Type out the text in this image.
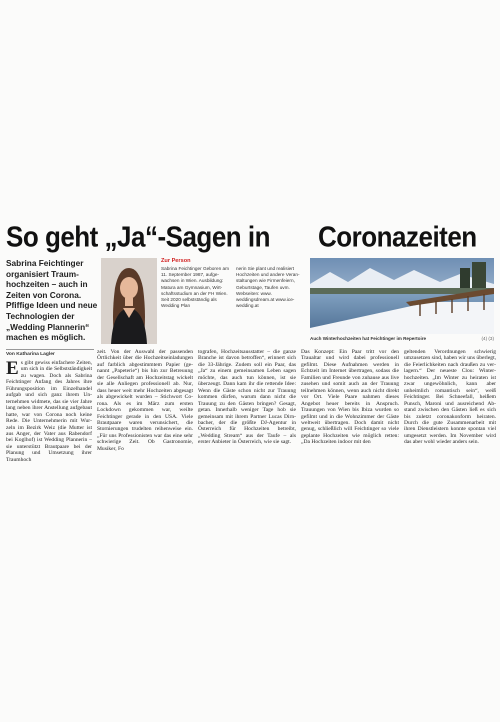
So geht „Ja“-Sagen in Coronazeiten
Sabrina Feichtinger organisiert Traumhochzeiten – auch in Zeiten von Corona. Pfiffige Ideen und neue Technologien der „Wedding Plannerin“ machen es möglich.
Zur Person
Sabrina Feichtinger Geboren am 11. September 1987, aufgewachsen in Wien. Ausbildung: Matura am Gymnasium, Wirtschaftsstudium an der FH Wien. Seit 2020 selbstständig als Wedding Plan
nerin Sie plant und realisiert Hochzeiten und andere Veranstaltungen wie Firmenfeiern, Geburtstage, Taufen uvm. Webseiten: www. weddingsdream.at www.ice-wedding.at
Auch Winterhochzeiten hat Feichtinger im Repertoire	(4) (3)
Von Katharina Lagler
E s gibt gewiss einfachere Zeiten, um sich in die Selbstständigkeit zu wagen. Doch als Sabrina Feichtinger Anfang des Jahres ihre Führungsposition im Einzelhandel aufgab und sich ganz ihrem Unternehmen widmete, das sie vier Jahre lang neben ihrer Anstellung aufgebaut hatte, war von Corona noch keine Rede. Die Unternehmerin mit Wurzeln im Bezirk Weiz (die Mutter ist aus Anger, der Vater aus Rabendorf bei Koglhof) ist Wedding Plannerin – sie unterstützt Brautpaare bei der Planung und Umsetzung ihrer Traumhoch
zeit. Von der Auswahl der passenden Örtlichkeit über die Hochzeitseinladungen auf farblich abgestimmtem Papier (genannt „Papeterie“) bis hin zur Betreuung der Gesellschaft am Hochzeitstag wickelt sie alle Anliegen professionell ab. Nur, dass heuer weit mehr Hochzeiten abgesagt als abgewickelt wurden – Stichwort Corona. Als es im März zum ersten Lockdown gekommen war, weilte Feichtinger gerade in den USA. Viele Brautpaare waren verunsichert, die Stornierungen trudelten reihenweise ein. „Für uns Professionisten war das eine sehr schwierige Zeit. Ob Gastronomie, Musiker, Fo
tografen, Hochzeitsausstatter – die ganze Branche ist davon betroffen“, erinnert sich die 33-Jährige. Zudem soll ein Paar, das „Ja“ zu einem gemeinsamen Leben sagen möchte, das auch tun können, ist sie überzeugt. Dann kam ihr die rettende Idee: Wenn die Gäste schon nicht zur Trauung kommen dürfen, warum dann nicht die Trauung zu den Gästen bringen? Gesagt, getan. Innerhalb weniger Tage hob sie gemeinsam mit ihrem Partner Lucas Dirnbacher, der die größte DJ-Agentur in Österreich für Hochzeiten betreibt, „Wedding Stream“ aus der Taufe – als erster Anbieter in Österreich, wie sie sagt.
Das Konzept: Ein Paar tritt vor den Traualtar und wird dabei professionell gefilmt. Diese Aufnahmen werden in Echtzeit im Internet übertragen, sodass die Familien und Freunde von zuhause aus live zusehen und somit auch an der Trauung teilnehmen können, wenn auch nicht direkt vor Ort. Viele Paare nahmen dieses Angebot heuer bereits in Anspruch. Trauungen von Wien bis Ibiza wurden so gefilmt und in die Wohnzimmer der Gäste weltweit übertragen. Doch damit nicht genug, schließlich will Feichtinger so viele geplante Hochzeiten wie möglich retten: „Da Hochzeiten indoor mit den
geltenden Verordnungen schwierig umzusetzen sind, haben wir uns überlegt, die Feierlichkeiten nach draußen zu verlagern.“ Der neueste Clou: Winterhochzeiten. „Im Winter zu heiraten ist zwar ungewöhnlich, kann aber unheimlich romantisch sein“, weiß Feichtinger. Bei Schneefall, heißem Punsch, Maroni und ausreichend Abstand zwischen den Gästen ließ es sich bis zuletzt coronakonform heiraten. Durch die gute Zusammenarbeit mit ihren Dienstleistern konnte spontan viel umgesetzt werden. Im November wird das aber wohl wieder anders sein.
